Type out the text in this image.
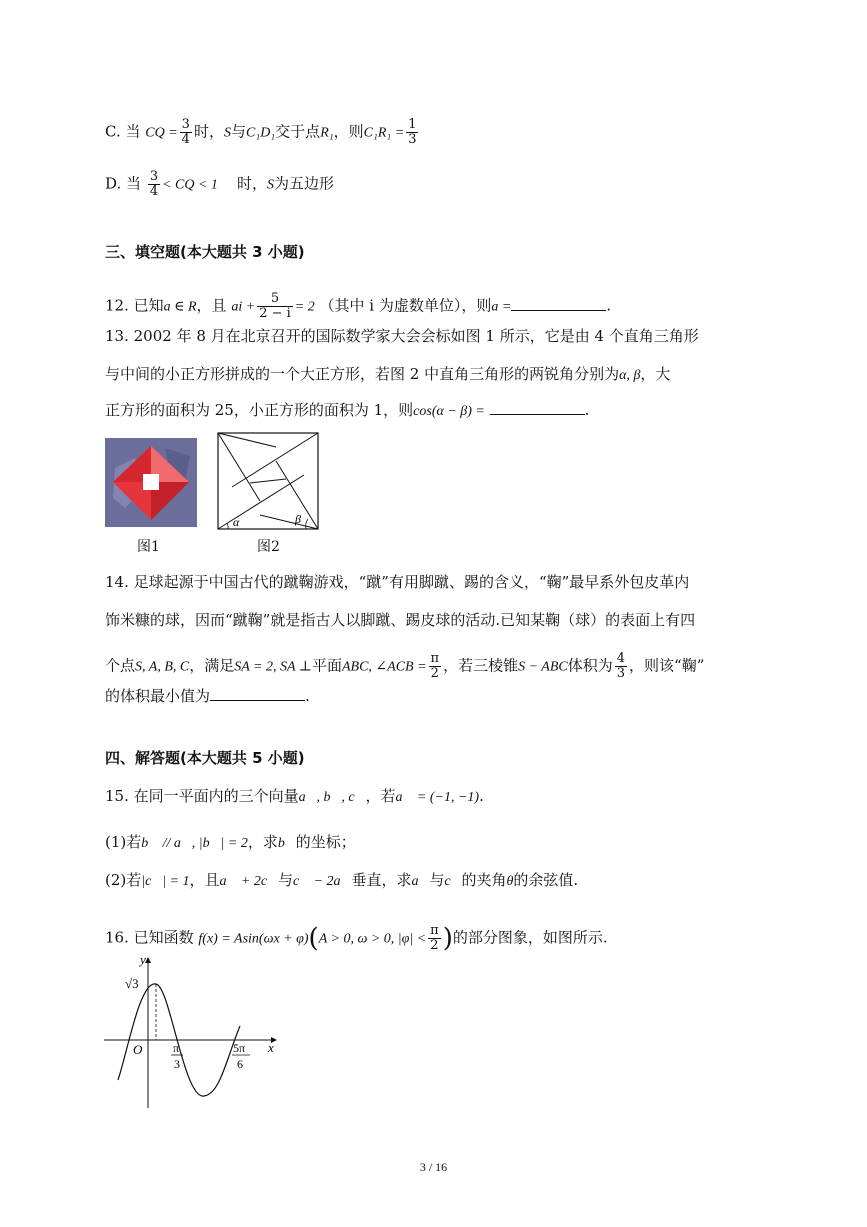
C. 当 CQ = $\frac{3}{4}$ 时，S与C₁D₁交于点R₁，则$C_1R_1 = \frac{1}{3}$
D. 当 $\frac{3}{4}$ < CQ < 1 时，S为五边形
三、填空题(本大题共 3 小题)
12. 已知a ∈ R，且 ai + $\frac{5}{2 - i} = 2$ （其中 i 为虚数单位），则a =	.
13. 2002 年 8 月在北京召开的国际数学家大会会标如图 1 所示，它是由 4 个直角三角形
与中间的小正方形拼成的一个大正方形，若图 2 中直角三角形的两锐角分别为α, β，大
正方形的面积为 25，小正方形的面积为 1，则cos(α − β) =	.
图1
α	β
图2
14. 足球起源于中国古代的蹴鞠游戏，“蹴”有用脚蹴、踢的含义，“鞠”最早系外包皮革内
饰米糠的球，因而“蹴鞠”就是指古人以脚蹴、踢皮球的活动.已知某鞠（球）的表面上有四
个点S, A, B, C，满足SA = 2, SA ⊥平面ABC, ∠ACB = $\frac{\pi}{2}$ ，若三棱锥S − ABC体积为 $\frac{4}{3}$ ，则该“鞠”
的体积最小值为	.
四、解答题(本大题共 5 小题)
15. 在同一平面内的三个向量a⃗, b⃗, c⃗，若a⃗ = (−1, −1).
(1)若b⃗ // a⃗, |b⃗| = 2，求b⃗的坐标；
(2)若|c⃗| = 1，且a⃗ + 2c⃗与c⃗ − 2a⃗垂直，求a⃗与c⃗的夹角θ的余弦值.
16. 已知函数 f(x) = Asin(ωx + φ)(A > 0, ω > 0, $|\varphi| < \frac{\pi}{2}$ )的部分图象，如图所示.
y
x
O
√3
π
3
5π
6
3 / 16
